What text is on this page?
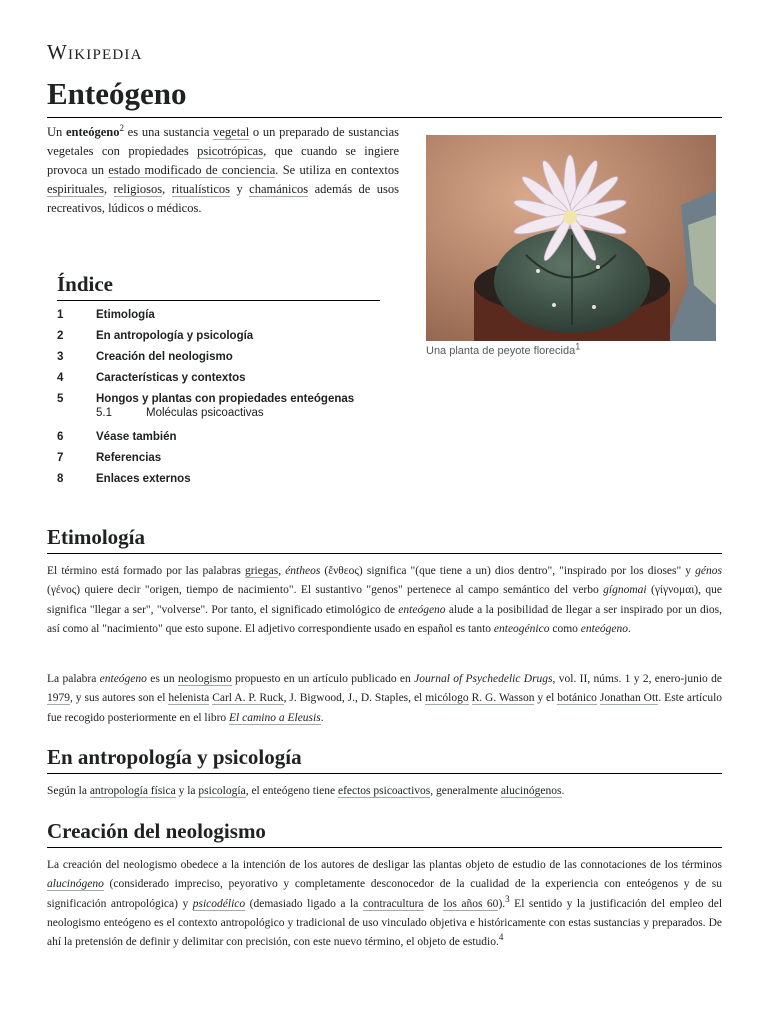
Wikipedia
Enteógeno

Un enteógeno$^2$ es una sustancia vegetal o un preparado de sustancias vegetales con propiedades psicotrópicas, que cuando se ingiere provoca un estado modificado de conciencia. Se utiliza en contextos espirituales, religiosos, ritualísticos y chamánicos además de usos recreativos, lúdicos o médicos.

Una planta de peyote florecida$^1$
Índice
1	Etimología
2	En antropología y psicología
3	Creación del neologismo
4	Características y contextos
5	Hongos y plantas con propiedades enteógenas
5.1	Moléculas psicoactivas
6	Véase también
7	Referencias
8	Enlaces externos
Etimología

El término está formado por las palabras griegas, éntheos (ἔνθεος) significa "(que tiene a un) dios dentro", "inspirado por los dioses" y génos (γένος) quiere decir "origen, tiempo de nacimiento". El sustantivo "genos" pertenece al campo semántico del verbo gígnomai (γίγνομαι), que significa "llegar a ser", "volverse". Por tanto, el significado etimológico de enteógeno alude a la posibilidad de llegar a ser inspirado por un dios, así como al "nacimiento" que esto supone. El adjetivo correspondiente usado en español es tanto enteogénico como enteógeno.

La palabra enteógeno es un neologismo propuesto en un artículo publicado en Journal of Psychedelic Drugs, vol. II, núms. 1 y 2, enero-junio de 1979, y sus autores son el helenista Carl A. P. Ruck, J. Bigwood, J., D. Staples, el micólogo R. G. Wasson y el botánico Jonathan Ott. Este artículo fue recogido posteriormente en el libro El camino a Eleusis.

En antropología y psicología

Según la antropología física y la psicología, el enteógeno tiene efectos psicoactivos, generalmente alucinógenos.

Creación del neologismo

La creación del neologismo obedece a la intención de los autores de desligar las plantas objeto de estudio de las connotaciones de los términos alucinógeno (considerado impreciso, peyorativo y completamente desconocedor de la cualidad de la experiencia con enteógenos y de su significación antropológica) y psicodélico (demasiado ligado a la contracultura de los años 60).$^3$ El sentido y la justificación del empleo del neologismo enteógeno es el contexto antropológico y tradicional de uso vinculado objetiva e históricamente con estas sustancias y preparados. De ahí la pretensión de definir y delimitar con precisión, con este nuevo término, el objeto de estudio.$^4$
